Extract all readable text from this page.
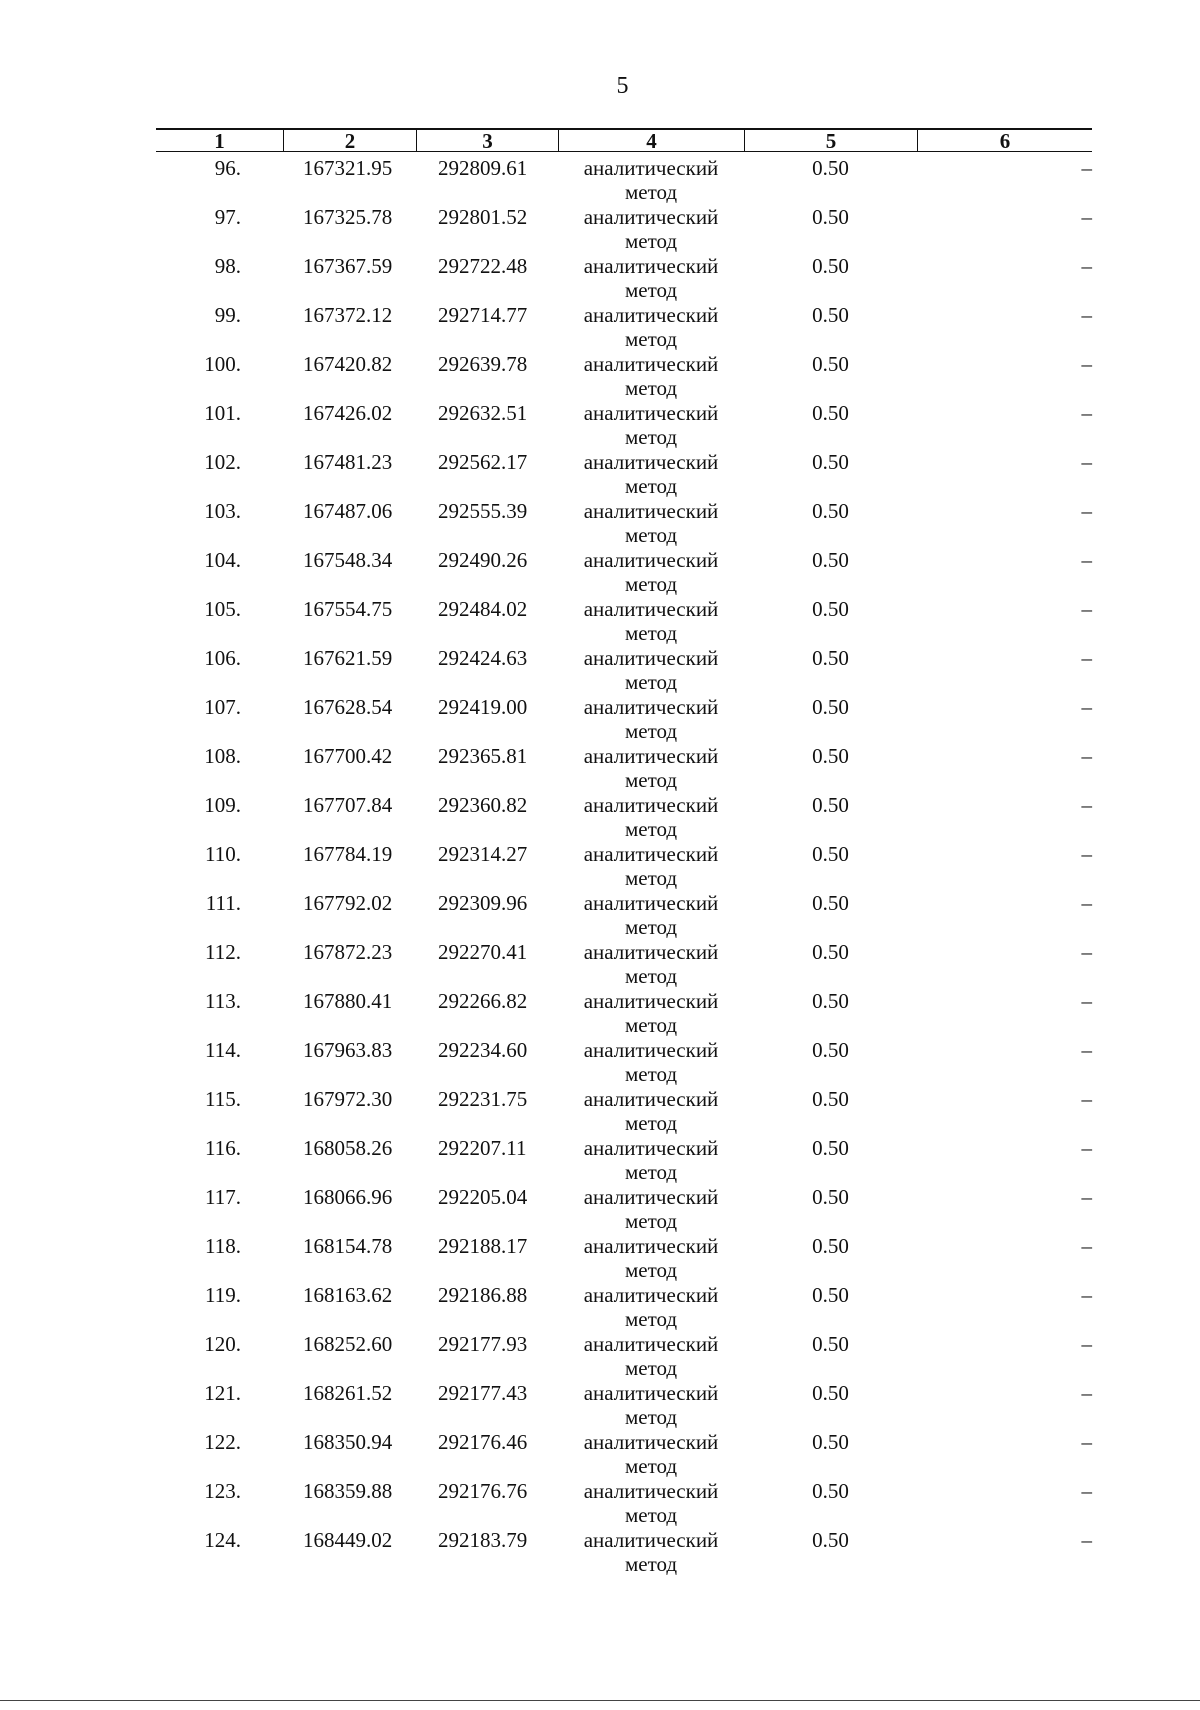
5
1	2	3	4	5	6
96.	167321.95	292809.61	аналитический
метод
0.50	–
97.	167325.78	292801.52	аналитический
метод
0.50	–
98.	167367.59	292722.48	аналитический
метод
0.50	–
99.	167372.12	292714.77	аналитический
метод
0.50	–
100.	167420.82	292639.78	аналитический
метод
0.50	–
101.	167426.02	292632.51	аналитический
метод
0.50	–
102.	167481.23	292562.17	аналитический
метод
0.50	–
103.	167487.06	292555.39	аналитический
метод
0.50	–
104.	167548.34	292490.26	аналитический
метод
0.50	–
105.	167554.75	292484.02	аналитический
метод
0.50	–
106.	167621.59	292424.63	аналитический
метод
0.50	–
107.	167628.54	292419.00	аналитический
метод
0.50	–
108.	167700.42	292365.81	аналитический
метод
0.50	–
109.	167707.84	292360.82	аналитический
метод
0.50	–
110.	167784.19	292314.27	аналитический
метод
0.50	–
111.	167792.02	292309.96	аналитический
метод
0.50	–
112.	167872.23	292270.41	аналитический
метод
0.50	–
113.	167880.41	292266.82	аналитический
метод
0.50	–
114.	167963.83	292234.60	аналитический
метод
0.50	–
115.	167972.30	292231.75	аналитический
метод
0.50	–
116.	168058.26	292207.11	аналитический
метод
0.50	–
117.	168066.96	292205.04	аналитический
метод
0.50	–
118.	168154.78	292188.17	аналитический
метод
0.50	–
119.	168163.62	292186.88	аналитический
метод
0.50	–
120.	168252.60	292177.93	аналитический
метод
0.50	–
121.	168261.52	292177.43	аналитический
метод
0.50	–
122.	168350.94	292176.46	аналитический
метод
0.50	–
123.	168359.88	292176.76	аналитический
метод
0.50	–
124.	168449.02	292183.79	аналитический
метод
0.50	–
